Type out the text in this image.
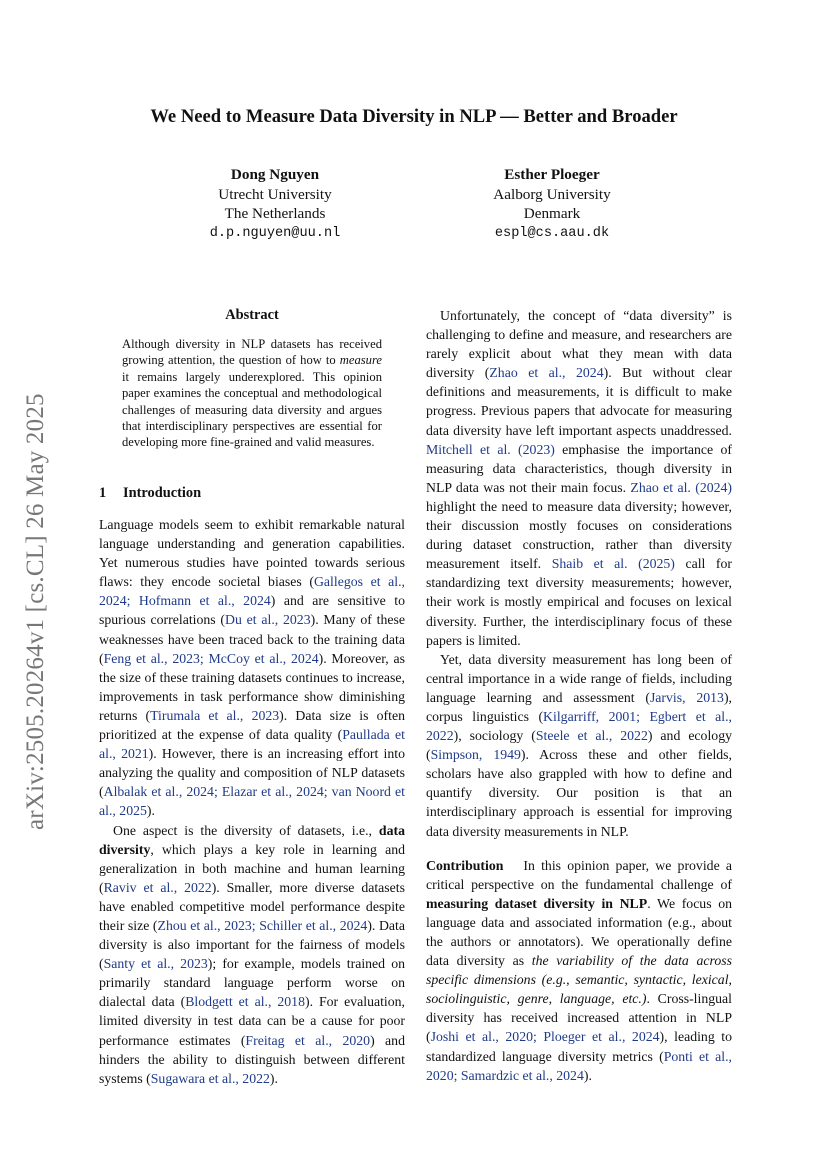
arXiv:2505.20264v1 [cs.CL] 26 May 2025
We Need to Measure Data Diversity in NLP — Better and Broader
Dong Nguyen
Utrecht University
The Netherlands
d.p.nguyen@uu.nl
Esther Ploeger
Aalborg University
Denmark
espl@cs.aau.dk
Abstract
Although diversity in NLP datasets has received growing attention, the question of how to measure it remains largely underexplored. This opinion paper examines the conceptual and methodological challenges of measuring data diversity and argues that interdisciplinary perspectives are essential for developing more fine-grained and valid measures.
1 Introduction

Language models seem to exhibit remarkable natural language understanding and generation capabilities. Yet numerous studies have pointed towards serious flaws: they encode societal biases (Gallegos et al., 2024; Hofmann et al., 2024) and are sensitive to spurious correlations (Du et al., 2023). Many of these weaknesses have been traced back to the training data (Feng et al., 2023; McCoy et al., 2024). Moreover, as the size of these training datasets continues to increase, improvements in task performance show diminishing returns (Tirumala et al., 2023). Data size is often prioritized at the expense of data quality (Paullada et al., 2021). However, there is an increasing effort into analyzing the quality and composition of NLP datasets (Albalak et al., 2024; Elazar et al., 2024; van Noord et al., 2025).

One aspect is the diversity of datasets, i.e., data diversity, which plays a key role in learning and generalization in both machine and human learning (Raviv et al., 2022). Smaller, more diverse datasets have enabled competitive model performance despite their size (Zhou et al., 2023; Schiller et al., 2024). Data diversity is also important for the fairness of models (Santy et al., 2023); for example, models trained on primarily standard language perform worse on dialectal data (Blodgett et al., 2018). For evaluation, limited diversity in test data can be a cause for poor performance estimates (Freitag et al., 2020) and hinders the ability to distinguish between different systems (Sugawara et al., 2022).

Unfortunately, the concept of “data diversity” is challenging to define and measure, and researchers are rarely explicit about what they mean with data diversity (Zhao et al., 2024). But without clear definitions and measurements, it is difficult to make progress. Previous papers that advocate for measuring data diversity have left important aspects unaddressed. Mitchell et al. (2023) emphasise the importance of measuring data characteristics, though diversity in NLP data was not their main focus. Zhao et al. (2024) highlight the need to measure data diversity; however, their discussion mostly focuses on considerations during dataset construction, rather than diversity measurement itself. Shaib et al. (2025) call for standardizing text diversity measurements; however, their work is mostly empirical and focuses on lexical diversity. Further, the interdisciplinary focus of these papers is limited.

Yet, data diversity measurement has long been of central importance in a wide range of fields, including language learning and assessment (Jarvis, 2013), corpus linguistics (Kilgarriff, 2001; Egbert et al., 2022), sociology (Steele et al., 2022) and ecology (Simpson, 1949). Across these and other fields, scholars have also grappled with how to define and quantify diversity. Our position is that an interdisciplinary approach is essential for improving data diversity measurements in NLP.

Contribution  In this opinion paper, we provide a critical perspective on the fundamental challenge of measuring dataset diversity in NLP. We focus on language data and associated information (e.g., about the authors or annotators). We operationally define data diversity as the variability of the data across specific dimensions (e.g., semantic, syntactic, lexical, sociolinguistic, genre, language, etc.). Cross-lingual diversity has received increased attention in NLP (Joshi et al., 2020; Ploeger et al., 2024), leading to standardized language diversity metrics (Ponti et al., 2020; Samardzic et al., 2024).
